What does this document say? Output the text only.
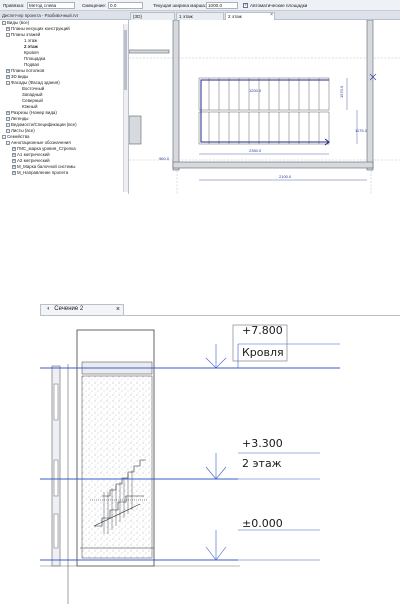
Привязка:	Метод слева	Смещение: 0.0	Текущая ширина марша: 1000.0
✓	Автоматические площадки
Диспетчер проекта - Разбивочный.rvt	{3D}	1 этаж	2 этаж	×
- Виды (все)
+ Планы несущих конструкций
- Планы этажей
1 этаж
2 этаж
Кровля
Площадка
Подвал
+ Планы потолков
+ 3D виды
- Фасады (Фасад здания)
Восточный
Западный
Северный
Южный
+ Разрезы (Номер вида)
▫ Легенды
▫ Ведомости/Спецификации (все)
▫ Листы (все)
- Семейства
- Аннотационные обозначения
+ ГМС_марка уровня_Стрелка
+ А1 метрический
+ А2 метрический
+ М_Марка балочной системы
+ М_Направление пролета
1570.0
1175.0
1200.0
2350.0
960.0
2100.0
◐ Сечение 2	×
+7.800
Кровля
+3.300
2 этаж
±0.000
